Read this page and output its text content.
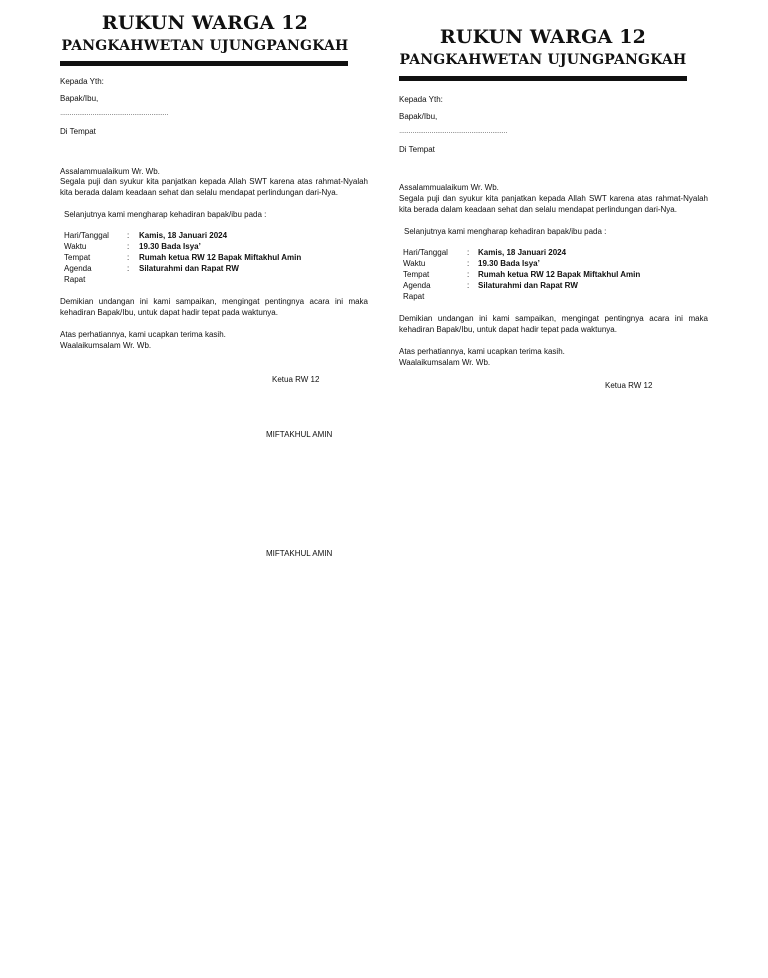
RUKUN WARGA 12
PANGKAHWETAN UJUNGPANGKAH
Kepada Yth:
Bapak/Ibu,
…………………………………………………
Di Tempat
Assalammualaikum Wr. Wb.
Segala puji dan syukur kita panjatkan kepada Allah SWT karena atas rahmat-Nyalah kita berada dalam keadaan sehat dan selalu mendapat perlindungan dari-Nya.
Selanjutnya kami mengharap kehadiran bapak/ibu pada :
Hari/Tanggal : Kamis, 18 Januari 2024
Waktu	: 19.30 Bada Isya’
Tempat	: Rumah ketua RW 12 Bapak Miftakhul Amin
Agenda	: Silaturahmi dan Rapat RW
Rapat
Demikian undangan ini kami sampaikan, mengingat pentingnya acara ini maka kehadiran Bapak/Ibu, untuk dapat hadir tepat pada waktunya.
Atas perhatiannya, kami ucapkan terima kasih.
Waalaikumsalam Wr. Wb.
Ketua RW 12
MIFTAKHUL AMIN
MIFTAKHUL AMIN
RUKUN WARGA 12
PANGKAHWETAN UJUNGPANGKAH
Kepada Yth:
Bapak/Ibu,
…………………………………………………
Di Tempat
Assalammualaikum Wr. Wb.
Segala puji dan syukur kita panjatkan kepada Allah SWT karena atas rahmat-Nyalah kita berada dalam keadaan sehat dan selalu mendapat perlindungan dari-Nya.
Selanjutnya kami mengharap kehadiran bapak/ibu pada :
Hari/Tanggal : Kamis, 18 Januari 2024
Waktu	: 19.30 Bada Isya’
Tempat	: Rumah ketua RW 12 Bapak Miftakhul Amin
Agenda	: Silaturahmi dan Rapat RW
Rapat
Demikian undangan ini kami sampaikan, mengingat pentingnya acara ini maka kehadiran Bapak/Ibu, untuk dapat hadir tepat pada waktunya.
Atas perhatiannya, kami ucapkan terima kasih.
Waalaikumsalam Wr. Wb.
Ketua RW 12
